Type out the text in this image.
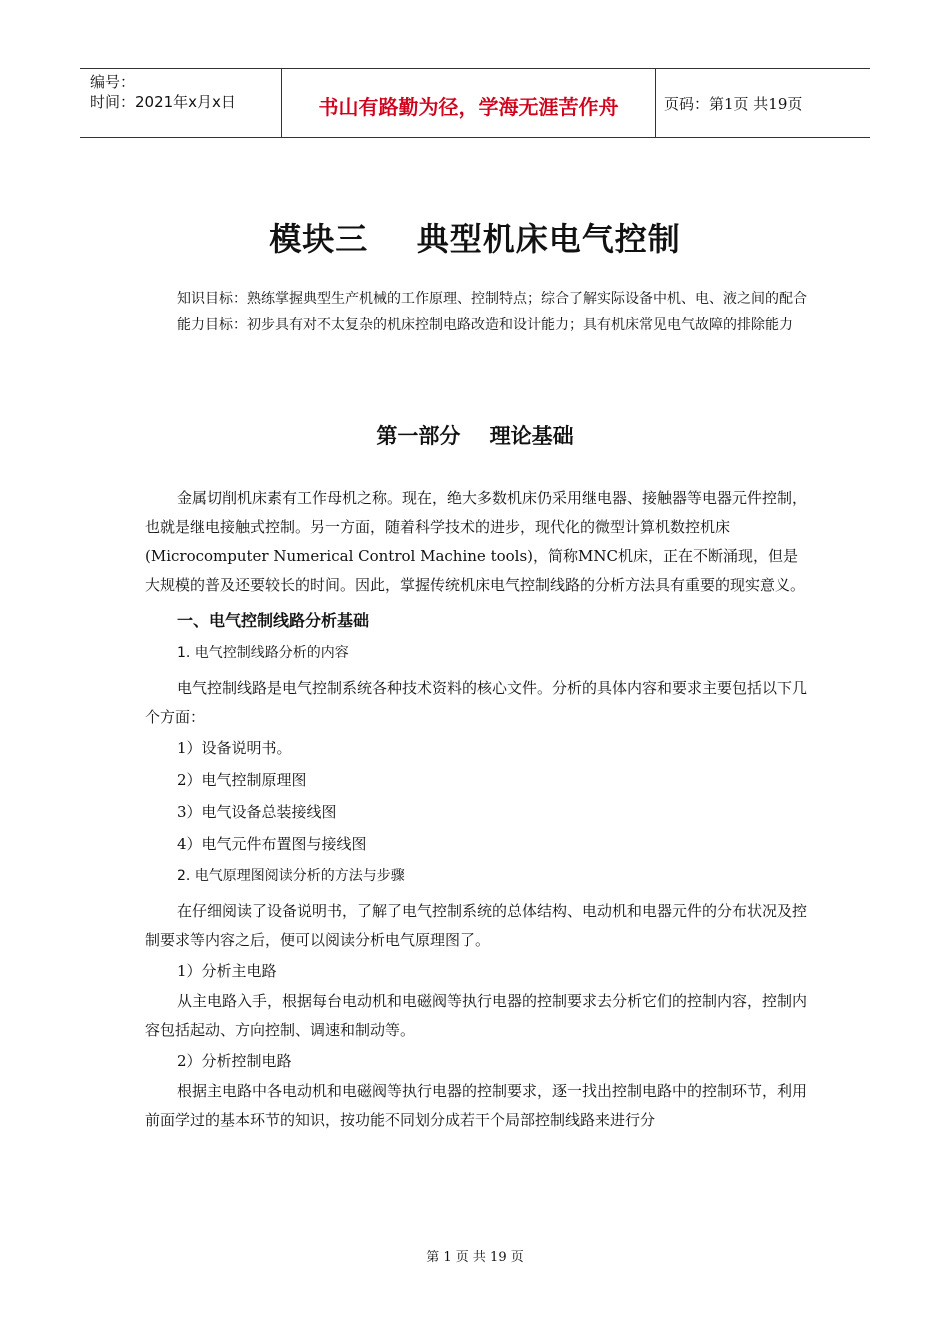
编号：
时间：2021年x月x日	书山有路勤为径，学海无涯苦作舟	页码：第1页 共19页
模块三    典型机床电气控制

知识目标：熟练掌握典型生产机械的工作原理、控制特点；综合了解实际设备中机、电、液之间的配合

能力目标：初步具有对不太复杂的机床控制电路改造和设计能力；具有机床常见电气故障的排除能力

第一部分    理论基础

金属切削机床素有工作母机之称。现在，绝大多数机床仍采用继电器、接触器等电器元件控制，也就是继电接触式控制。另一方面，随着科学技术的进步，现代化的微型计算机数控机床(Microcomputer Numerical Control Machine tools)，简称MNC机床，正在不断涌现，但是大规模的普及还要较长的时间。因此，掌握传统机床电气控制线路的分析方法具有重要的现实意义。

一、电气控制线路分析基础

1. 电气控制线路分析的内容

电气控制线路是电气控制系统各种技术资料的核心文件。分析的具体内容和要求主要包括以下几个方面：

1）设备说明书。

2）电气控制原理图

3）电气设备总装接线图

4）电气元件布置图与接线图

2. 电气原理图阅读分析的方法与步骤

在仔细阅读了设备说明书，了解了电气控制系统的总体结构、电动机和电器元件的分布状况及控制要求等内容之后，便可以阅读分析电气原理图了。

1）分析主电路

从主电路入手，根据每台电动机和电磁阀等执行电器的控制要求去分析它们的控制内容，控制内容包括起动、方向控制、调速和制动等。

2）分析控制电路

根据主电路中各电动机和电磁阀等执行电器的控制要求，逐一找出控制电路中的控制环节，利用前面学过的基本环节的知识，按功能不同划分成若干个局部控制线路来进行分

第 1 页 共 19 页
